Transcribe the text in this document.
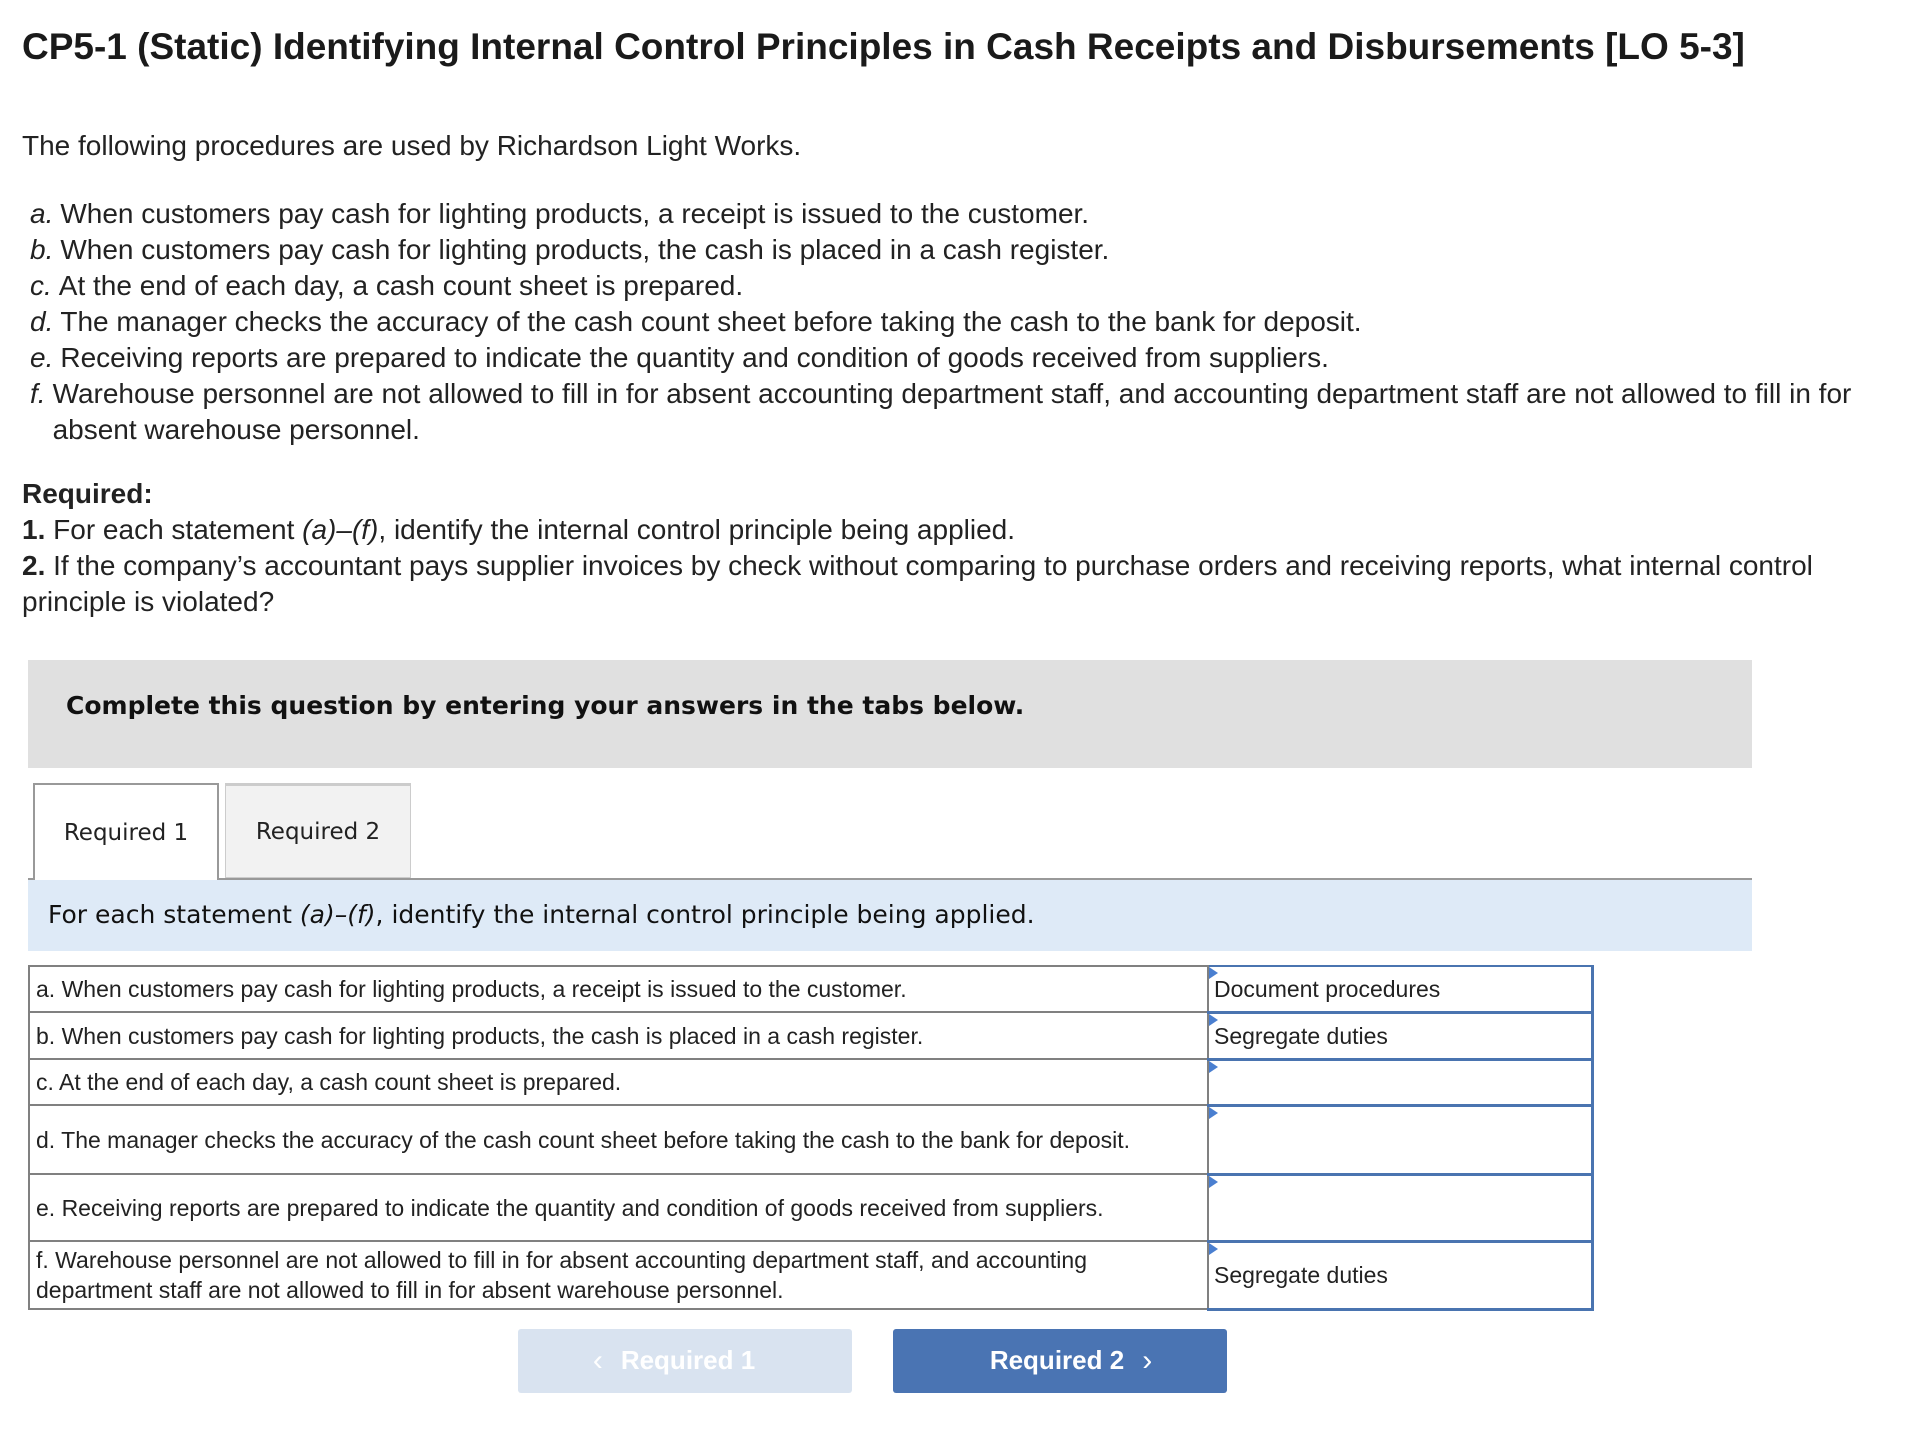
CP5-1 (Static) Identifying Internal Control Principles in Cash Receipts and Disbursements [LO 5-3]
The following procedures are used by Richardson Light Works.
a. When customers pay cash for lighting products, a receipt is issued to the customer.
b. When customers pay cash for lighting products, the cash is placed in a cash register.
c. At the end of each day, a cash count sheet is prepared.
d. The manager checks the accuracy of the cash count sheet before taking the cash to the bank for deposit.
e. Receiving reports are prepared to indicate the quantity and condition of goods received from suppliers.
f. Warehouse personnel are not allowed to fill in for absent accounting department staff, and accounting department staff are not allowed to fill in for absent warehouse personnel.
Required:
1. For each statement (a)–(f), identify the internal control principle being applied.
2. If the company’s accountant pays supplier invoices by check without comparing to purchase orders and receiving reports, what internal control principle is violated?
Complete this question by entering your answers in the tabs below.
Required 1	Required 2
For each statement (a)–(f), identify the internal control principle being applied.
a. When customers pay cash for lighting products, a receipt is issued to the customer.	Document procedures
b. When customers pay cash for lighting products, the cash is placed in a cash register.	Segregate duties
c. At the end of each day, a cash count sheet is prepared.	
d. The manager checks the accuracy of the cash count sheet before taking the cash to the bank for deposit.	
e. Receiving reports are prepared to indicate the quantity and condition of goods received from suppliers.	
f. Warehouse personnel are not allowed to fill in for absent accounting department staff, and accounting department staff are not allowed to fill in for absent warehouse personnel.	Segregate duties
‹ Required 1	Required 2 ›
